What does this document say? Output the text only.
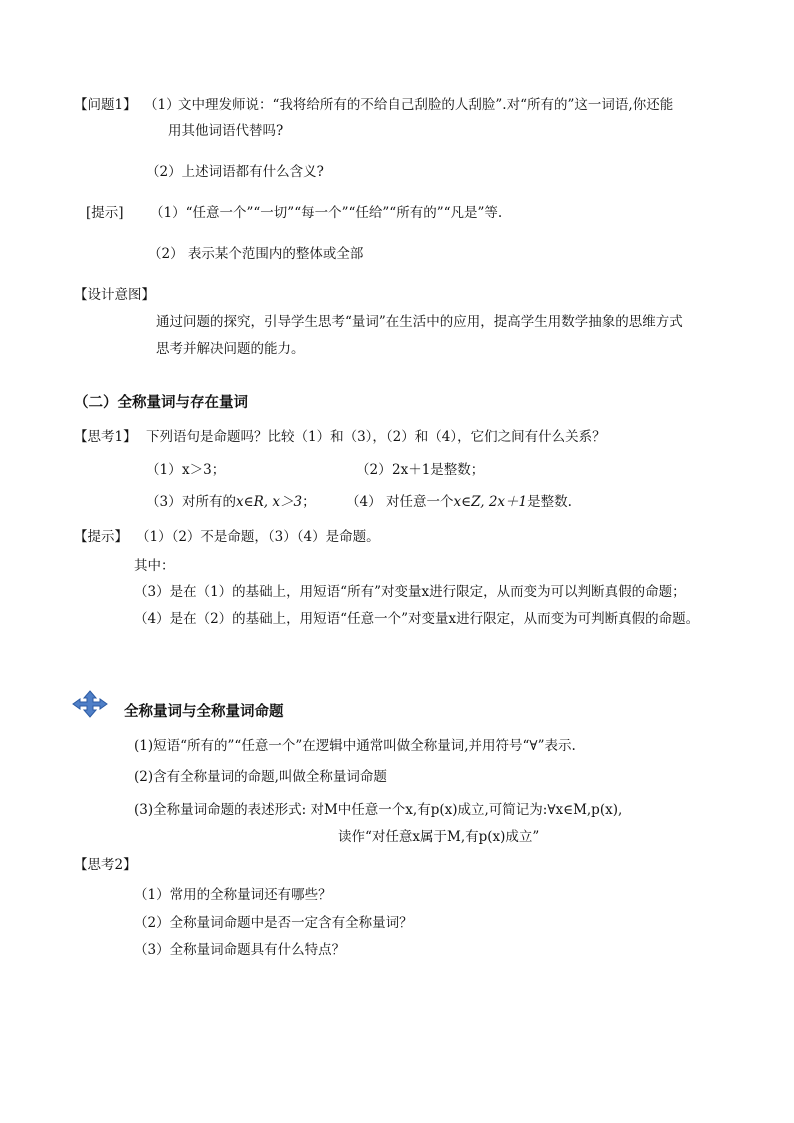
【问题1】 （1）
文中理发师说：“我将给所有的不给自己刮脸的人刮脸”.对“所有的”这一词语,你还能
用其他词语代替吗?
（2）上述词语都有什么含义?
[提示] （1）“任意一个”“一切”“每一个”“任给”“所有的”“凡是”等.
（2） 表示某个范围内的整体或全部
【设计意图】
通过问题的探究，引导学生思考“量词”在生活中的应用，提高学生用数学抽象的思维方式
思考并解决问题的能力。
（二）全称量词与存在量词
【思考1】 下列语句是命题吗？比较（1）和（3），（2）和（4），它们之间有什么关系？
（1） x＞3；	（2） 2x＋1是整数；
（3） 对所有的x∈R, x＞3； （4） 对任意一个x∈Z, 2x＋1是整数.
【提示】 （1）（2）不是命题，（3）（4）是命题。
其中：
（3）是在（1）的基础上，用短语“所有”对变量x进行限定，从而变为可以判断真假的命题；
（4）是在（2）的基础上，用短语“任意一个”对变量x进行限定，从而变为可判断真假的命题。
全称量词与全称量词命题
(1)短语“所有的”“任意一个”在逻辑中通常叫做全称量词,并用符号“∀”表示.
(2)含有全称量词的命题,叫做全称量词命题
(3)全称量词命题的表述形式: 对M中任意一个x,有p(x)成立,可简记为:∀x∈M,p(x),
读作“对任意x属于M,有p(x)成立”
【思考2】
（1）常用的全称量词还有哪些？
（2）全称量词命题中是否一定含有全称量词？
（3）全称量词命题具有什么特点？
